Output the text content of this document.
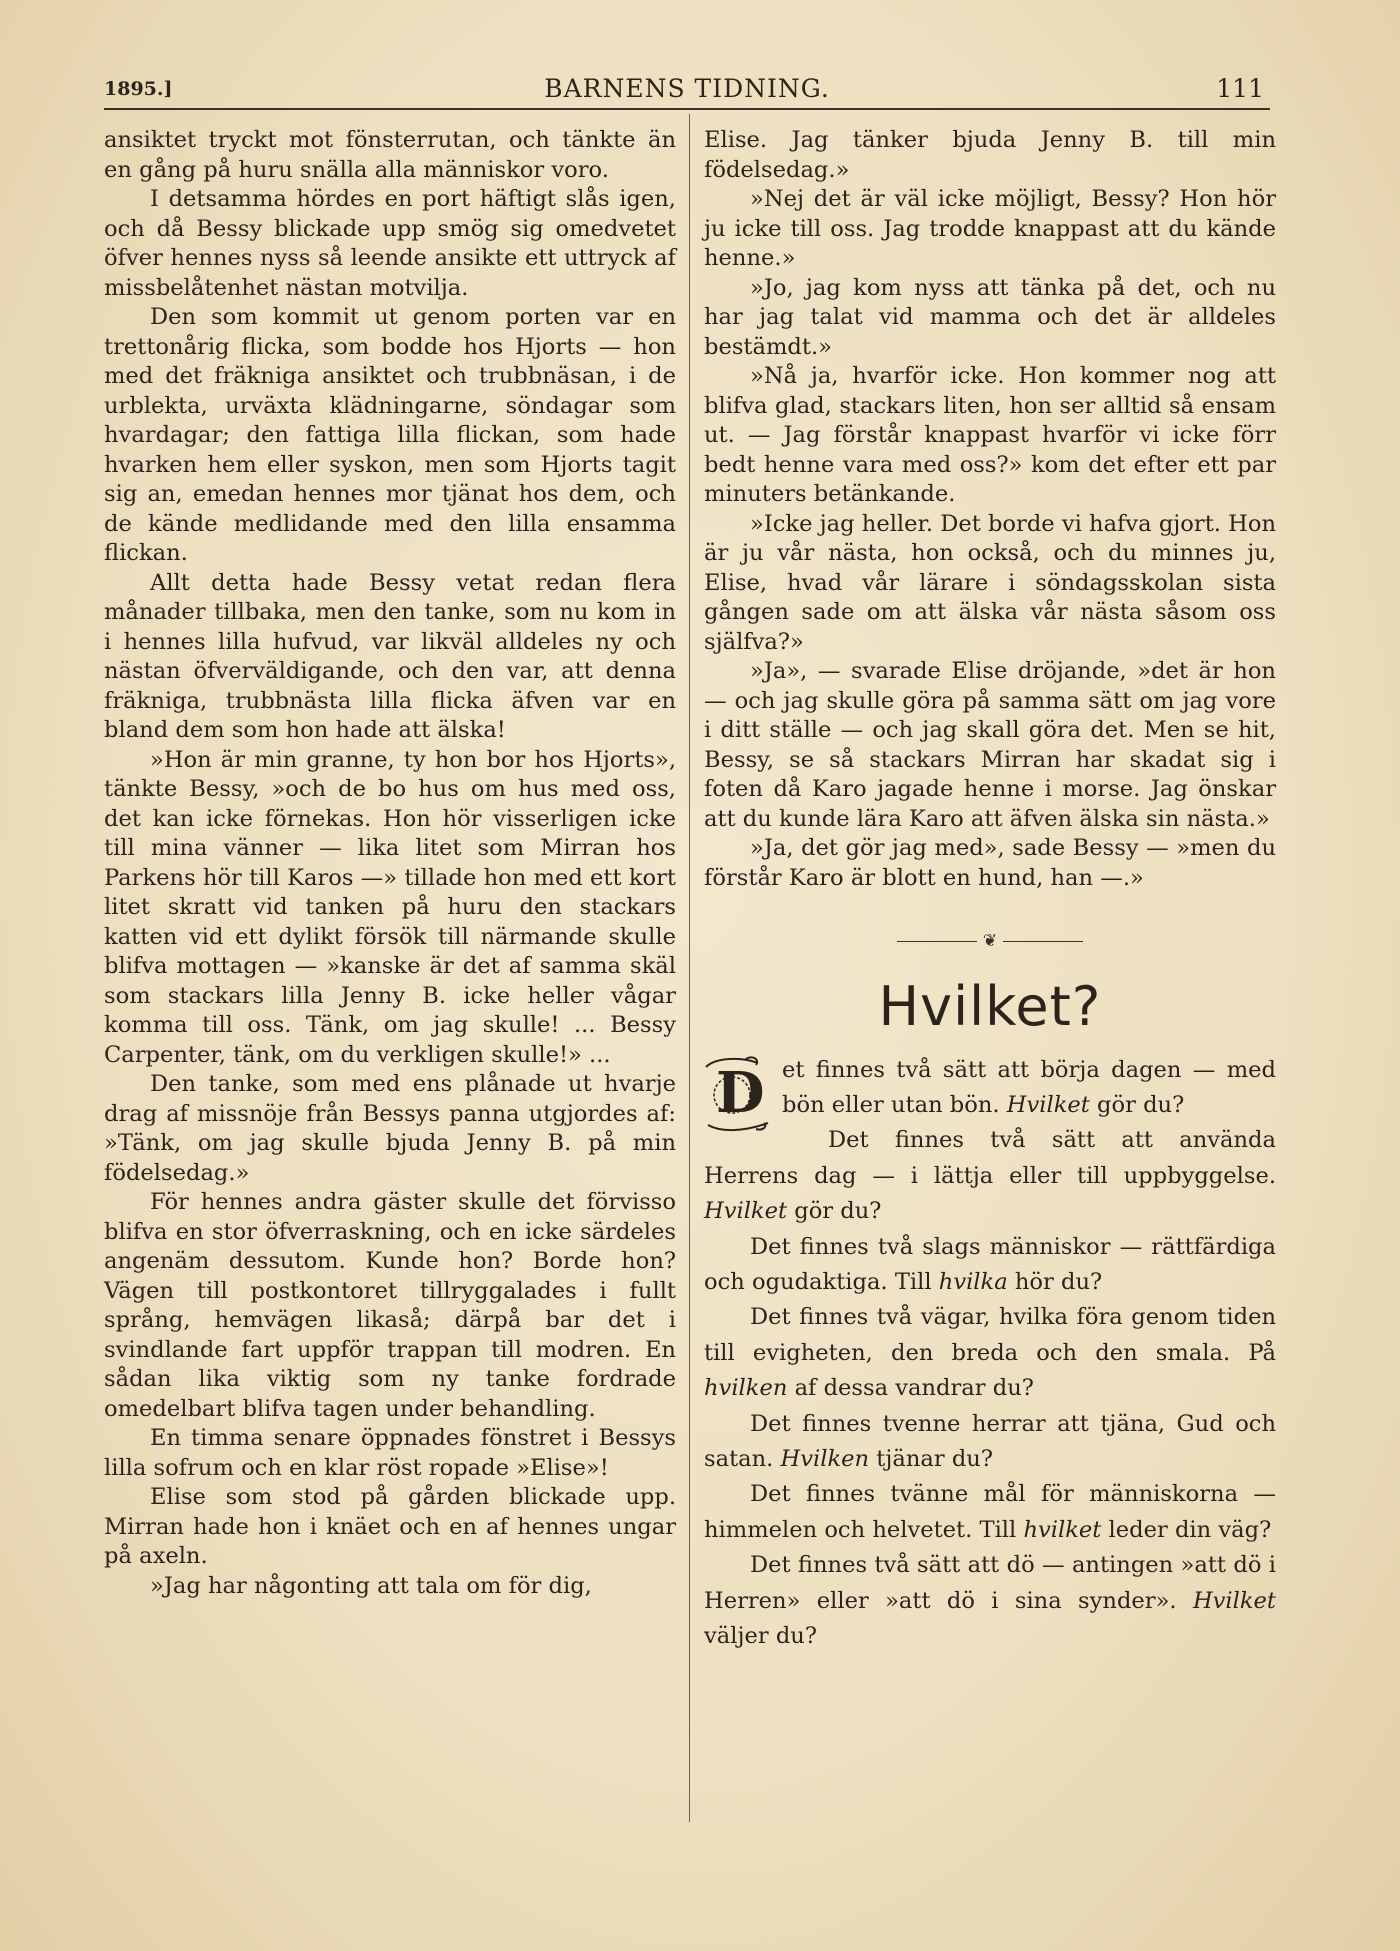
1895.]	BARNENS TIDNING.	111

ansiktet tryckt mot fönsterrutan, och tänkte än en gång på huru snälla alla människor voro.

I detsamma hördes en port häftigt slås igen, och då Bessy blickade upp smög sig omedvetet öfver hennes nyss så leende ansikte ett uttryck af missbelåtenhet nästan motvilja.

Den som kommit ut genom porten var en trettonårig flicka, som bodde hos Hjorts — hon med det fräkniga ansiktet och trubbnäsan, i de urblekta, urväxta klädningarne, söndagar som hvardagar; den fattiga lilla flickan, som hade hvarken hem eller syskon, men som Hjorts tagit sig an, emedan hennes mor tjänat hos dem, och de kände medlidande med den lilla ensamma flickan.

Allt detta hade Bessy vetat redan flera månader tillbaka, men den tanke, som nu kom in i hennes lilla hufvud, var likväl alldeles ny och nästan öfverväldigande, och den var, att denna fräkniga, trubbnästa lilla flicka äfven var en bland dem som hon hade att älska!

»Hon är min granne, ty hon bor hos Hjorts», tänkte Bessy, »och de bo hus om hus med oss, det kan icke förnekas. Hon hör visserligen icke till mina vänner — lika litet som Mirran hos Parkens hör till Karos —» tillade hon med ett kort litet skratt vid tanken på huru den stackars katten vid ett dylikt försök till närmande skulle blifva mottagen — »kanske är det af samma skäl som stackars lilla Jenny B. icke heller vågar komma till oss. Tänk, om jag skulle! ... Bessy Carpenter, tänk, om du verkligen skulle!» ...

Den tanke, som med ens plånade ut hvarje drag af missnöje från Bessys panna utgjordes af: »Tänk, om jag skulle bjuda Jenny B. på min födelsedag.»

För hennes andra gäster skulle det förvisso blifva en stor öfverraskning, och en icke särdeles angenäm dessutom. Kunde hon? Borde hon? Vägen till postkontoret tillryggalades i fullt språng, hemvägen likaså; därpå bar det i svindlande fart uppför trappan till modren. En sådan lika viktig som ny tanke fordrade omedelbart blifva tagen under behandling.

En timma senare öppnades fönstret i Bessys lilla sofrum och en klar röst ropade »Elise»!

Elise som stod på gården blickade upp. Mirran hade hon i knäet och en af hennes ungar på axeln.

»Jag har någonting att tala om för dig,

Elise. Jag tänker bjuda Jenny B. till min födelsedag.»

»Nej det är väl icke möjligt, Bessy? Hon hör ju icke till oss. Jag trodde knappast att du kände henne.»

»Jo, jag kom nyss att tänka på det, och nu har jag talat vid mamma och det är alldeles bestämdt.»

»Nå ja, hvarför icke. Hon kommer nog att blifva glad, stackars liten, hon ser alltid så ensam ut. — Jag förstår knappast hvarför vi icke förr bedt henne vara med oss?» kom det efter ett par minuters betänkande.

»Icke jag heller. Det borde vi hafva gjort. Hon är ju vår nästa, hon också, och du minnes ju, Elise, hvad vår lärare i söndagsskolan sista gången sade om att älska vår nästa såsom oss själfva?»

»Ja», — svarade Elise dröjande, »det är hon — och jag skulle göra på samma sätt om jag vore i ditt ställe — och jag skall göra det. Men se hit, Bessy, se så stackars Mirran har skadat sig i foten då Karo jagade henne i morse. Jag önskar att du kunde lära Karo att äfven älska sin nästa.»

»Ja, det gör jag med», sade Bessy — »men du förstår Karo är blott en hund, han —.»

❦
Hvilket?

D et finnes två sätt att börja dagen — med bön eller utan bön. Hvilket gör du?

Det finnes två sätt att använda Herrens dag — i lättja eller till uppbyggelse. Hvilket gör du?

Det finnes två slags människor — rättfärdiga och ogudaktiga. Till hvilka hör du?

Det finnes två vägar, hvilka föra genom tiden till evigheten, den breda och den smala. På hvilken af dessa vandrar du?

Det finnes tvenne herrar att tjäna, Gud och satan. Hvilken tjänar du?

Det finnes tvänne mål för människorna — himmelen och helvetet. Till hvilket leder din väg?

Det finnes två sätt att dö — antingen »att dö i Herren» eller »att dö i sina synder». Hvilket väljer du?
